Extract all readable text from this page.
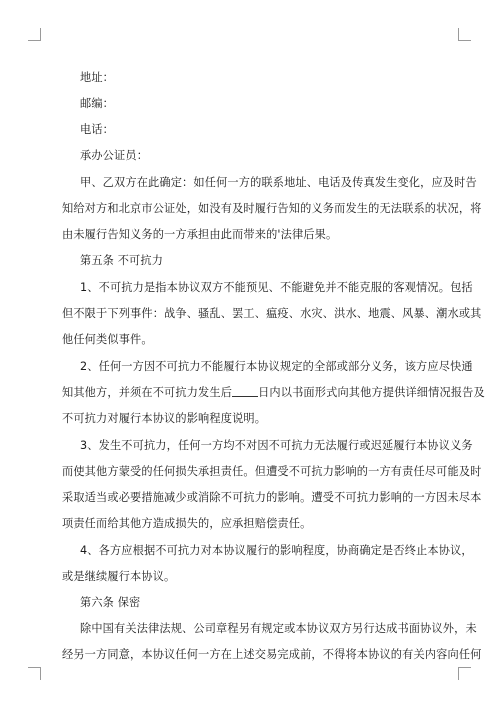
地址：

邮编：

电话：

承办公证员：

甲、乙双方在此确定：如任何一方的联系地址、电话及传真发生变化，应及时告

知给对方和北京市公证处，如没有及时履行告知的义务而发生的无法联系的状况，将

由未履行告知义务的一方承担由此而带来的'法律后果。

第五条 不可抗力

1、不可抗力是指本协议双方不能预见、不能避免并不能克服的客观情况。包括

但不限于下列事件：战争、骚乱、罢工、瘟疫、水灾、洪水、地震、风暴、潮水或其

他任何类似事件。

2、任何一方因不可抗力不能履行本协议规定的全部或部分义务，该方应尽快通

知其他方，并须在不可抗力发生后 日内以书面形式向其他方提供详细情况报告及

不可抗力对履行本协议的影响程度说明。

3、发生不可抗力，任何一方均不对因不可抗力无法履行或迟延履行本协议义务

而使其他方蒙受的任何损失承担责任。但遭受不可抗力影响的一方有责任尽可能及时

采取适当或必要措施减少或消除不可抗力的影响。遭受不可抗力影响的一方因未尽本

项责任而给其他方造成损失的，应承担赔偿责任。

4、各方应根据不可抗力对本协议履行的影响程度，协商确定是否终止本协议，

或是继续履行本协议。

第六条 保密

除中国有关法律法规、公司章程另有规定或本协议双方另行达成书面协议外，未

经另一方同意，本协议任何一方在上述交易完成前，不得将本协议的有关内容向任何
